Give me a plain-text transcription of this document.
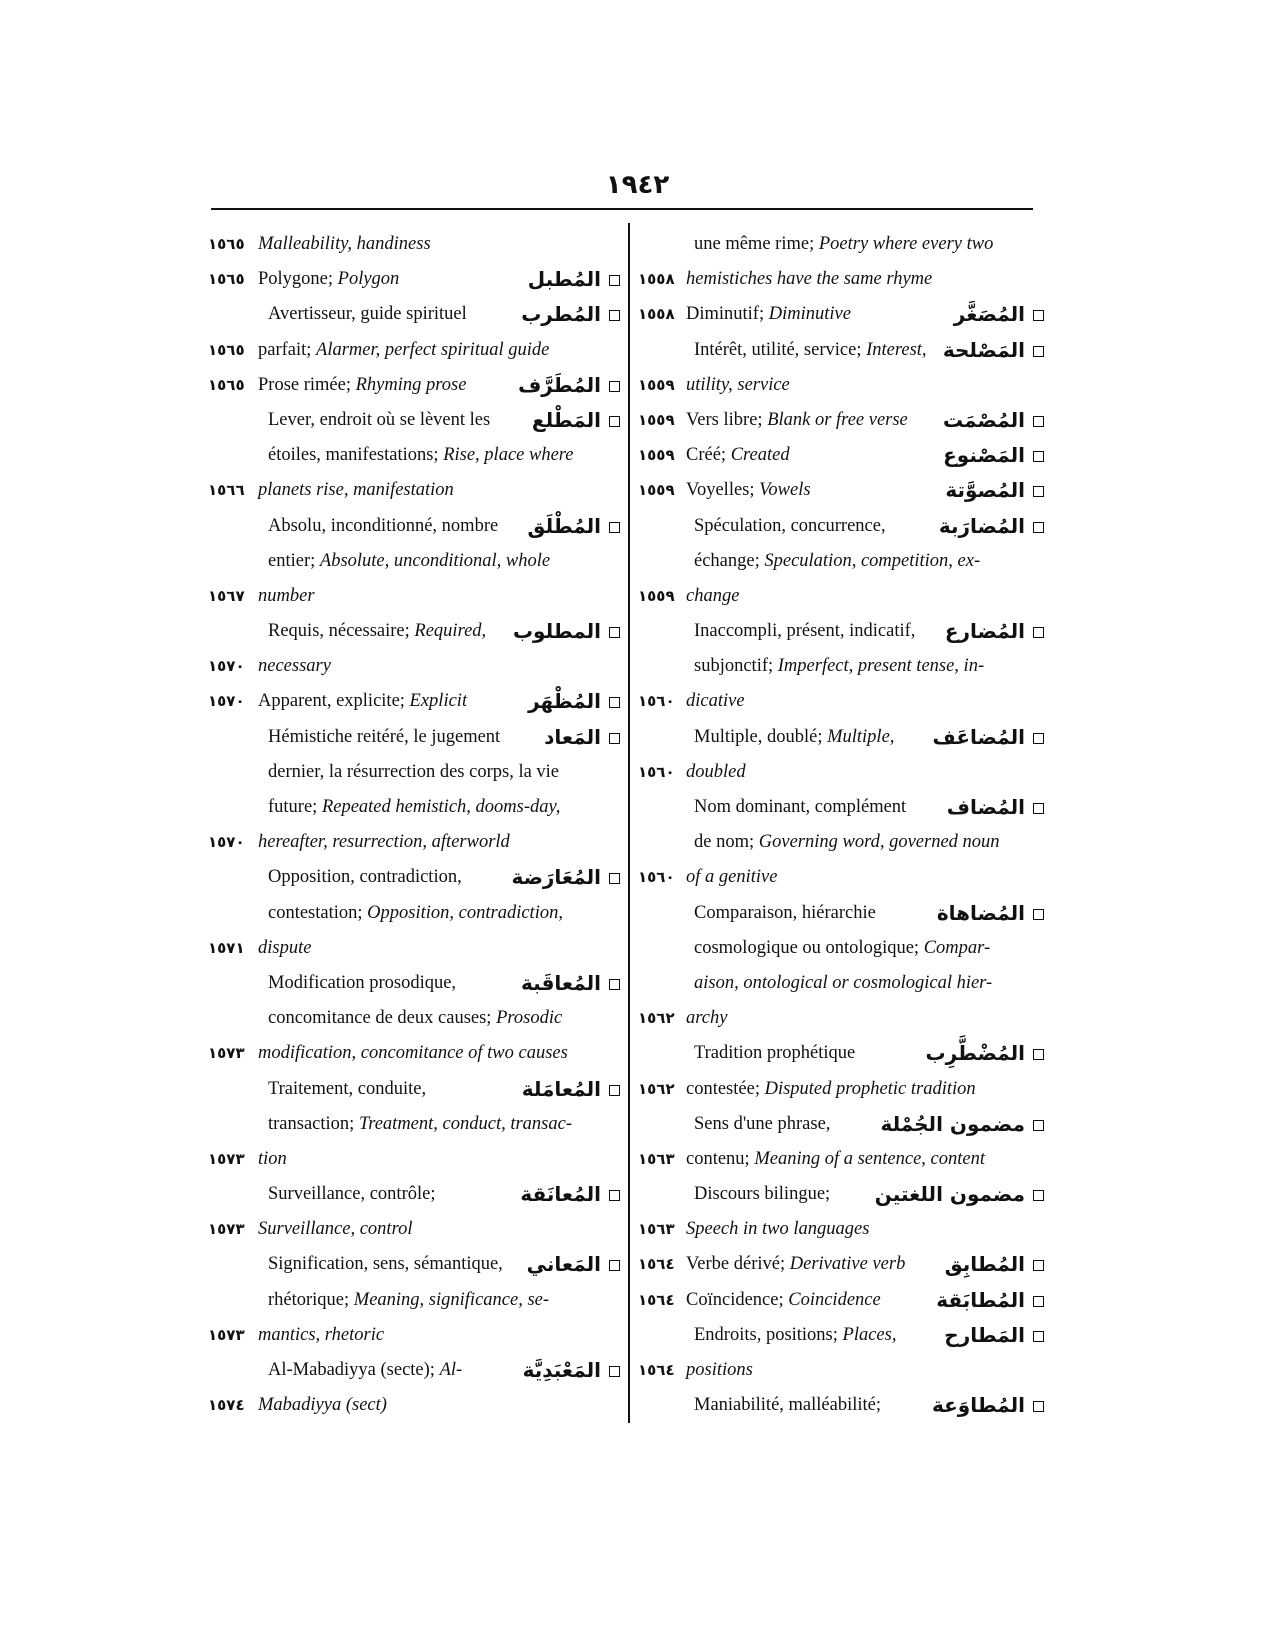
١٩٤٢
١٥٦٥ Malleability, handiness
١٥٦٥ Polygone; Polygon	المُطبل
Avertisseur, guide spirituel	المُطرب
١٥٦٥ parfait; Alarmer, perfect spiritual guide
١٥٦٥ Prose rimée; Rhyming prose	المُطَرَّف
Lever, endroit où se lèvent les المَطْلع
étoiles, manifestations; Rise, place where
١٥٦٦ planets rise, manifestation
Absolu, inconditionné, nombre المُطْلَق
entier; Absolute, unconditional, whole
١٥٦٧ number
Requis, nécessaire; Required, المطلوب
١٥٧٠ necessary
١٥٧٠ Apparent, explicite; Explicit	المُظْهَر
Hémistiche reitéré, le jugement المَعاد
dernier, la résurrection des corps, la vie
future; Repeated hemistich, dooms-day,
١٥٧٠ hereafter, resurrection, afterworld
Opposition, contradiction, المُعَارَضة
contestation; Opposition, contradiction,
١٥٧١ dispute
Modification prosodique,	المُعاقَبة
concomitance de deux causes; Prosodic
١٥٧٣ modification, concomitance of two causes
Traitement, conduite,	المُعامَلة
transaction; Treatment, conduct, transac-
١٥٧٣ tion
Surveillance, contrôle;	المُعانَقة
١٥٧٣ Surveillance, control
Signification, sens, sémantique, المَعاني
rhétorique; Meaning, significance, se-
١٥٧٣ mantics, rhetoric
Al-Mabadiyya (secte); Al-	المَعْبَدِيَّة
١٥٧٤ Mabadiyya (sect)
une même rime; Poetry where every two
١٥٥٨ hemistiches have the same rhyme
١٥٥٨ Diminutif; Diminutive	المُصَغَّر
Intérêt, utilité, service; Interest, المَصْلحة
١٥٥٩ utility, service
١٥٥٩ Vers libre; Blank or free verse المُصْمَت
١٥٥٩ Créé; Created	المَصْنوع
١٥٥٩ Voyelles; Vowels	المُصوَّتة
Spéculation, concurrence,	المُضارَبة
échange; Speculation, competition, ex-
١٥٥٩ change
Inaccompli, présent, indicatif, المُضارع
subjonctif; Imperfect, present tense, in-
١٥٦٠ dicative
Multiple, doublé; Multiple, المُضاعَف
١٥٦٠ doubled
Nom dominant, complément المُضاف
de nom; Governing word, governed noun
١٥٦٠ of a genitive
Comparaison, hiérarchie	المُضاهاة
cosmologique ou ontologique; Compar-
aison, ontological or cosmological hier-
١٥٦٢ archy
Tradition prophétique	المُضْطَّرِب
١٥٦٢ contestée; Disputed prophetic tradition
Sens d'une phrase,	مضمون الجُمْلة
١٥٦٣ contenu; Meaning of a sentence, content
Discours bilingue; مضمون اللغتين
١٥٦٣ Speech in two languages
١٥٦٤ Verbe dérivé; Derivative verb المُطابِق
١٥٦٤ Coïncidence; Coincidence	المُطابَقة
Endroits, positions; Places, المَطارح
١٥٦٤ positions
Maniabilité, malléabilité;	المُطاوَعة
